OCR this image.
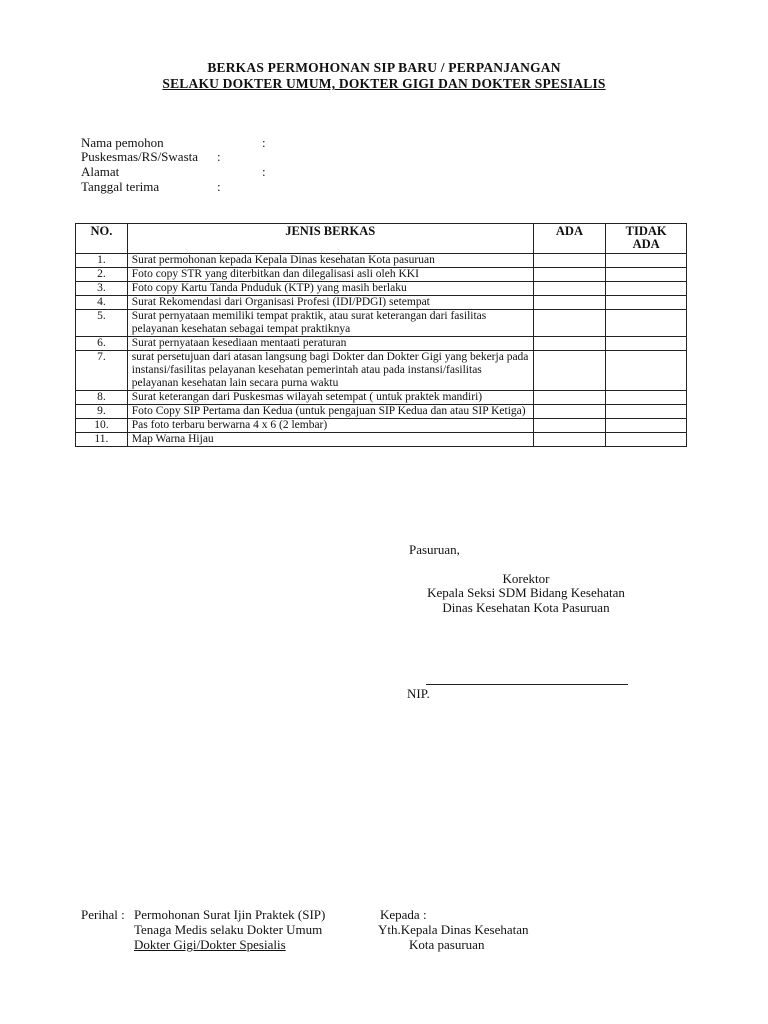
BERKAS PERMOHONAN SIP BARU / PERPANJANGAN
SELAKU DOKTER UMUM, DOKTER GIGI DAN DOKTER SPESIALIS
Nama pemohon	:
Puskesmas/RS/Swasta :
Alamat	:
Tanggal terima	:
NO.	JENIS BERKAS	ADA	TIDAK
ADA
1.	Surat permohonan kepada Kepala Dinas kesehatan Kota pasuruan		
2.	Foto copy STR yang diterbitkan dan dilegalisasi asli oleh KKI		
3.	Foto copy Kartu Tanda Pnduduk (KTP) yang masih berlaku		
4.	Surat Rekomendasi dari Organisasi Profesi (IDI/PDGI) setempat		
5.	Surat pernyataan memiliki tempat praktik, atau surat keterangan dari fasilitas pelayanan kesehatan sebagai tempat praktiknya		
6.	Surat pernyataan kesediaan mentaati peraturan		
7.	surat persetujuan dari atasan langsung bagi Dokter dan Dokter Gigi yang bekerja pada instansi/fasilitas pelayanan kesehatan pemerintah atau pada instansi/fasilitas pelayanan kesehatan lain secara purna waktu		
8.	Surat keterangan dari Puskesmas wilayah setempat ( untuk praktek mandiri)		
9.	Foto Copy SIP Pertama dan Kedua (untuk pengajuan SIP Kedua dan atau SIP Ketiga)		
10.	Pas foto terbaru berwarna 4 x 6 (2 lembar)		
11.	Map Warna Hijau		
Pasuruan,
Korektor
Kepala Seksi SDM Bidang Kesehatan
Dinas Kesehatan Kota Pasuruan
NIP.
Perihal : Permohonan Surat Ijin Praktek (SIP)
Tenaga Medis selaku Dokter Umum
Dokter Gigi/Dokter Spesialis
Kepada :
Yth.Kepala Dinas Kesehatan
Kota pasuruan
